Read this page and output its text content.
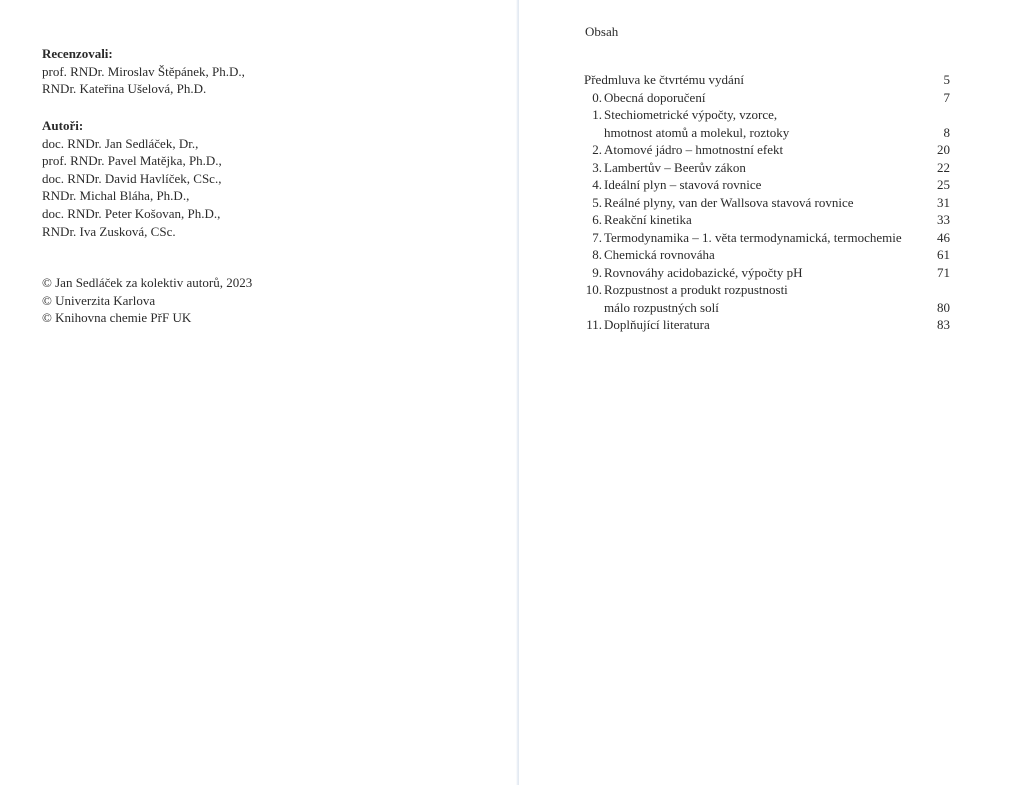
Recenzovali:
prof. RNDr. Miroslav Štěpánek, Ph.D.,
RNDr. Kateřina Ušelová, Ph.D.
Autoři:
doc. RNDr. Jan Sedláček, Dr.,
prof. RNDr. Pavel Matějka, Ph.D.,
doc. RNDr. David Havlíček, CSc.,
RNDr. Michal Bláha, Ph.D.,
doc. RNDr. Peter Košovan, Ph.D.,
RNDr. Iva Zusková, CSc.
© Jan Sedláček za kolektiv autorů, 2023
© Univerzita Karlova
© Knihovna chemie PřF UK
Obsah
Předmluva ke čtvrtému vydání	5
0. Obecná doporučení	7
1. Stechiometrické výpočty, vzorce,
hmotnost atomů a molekul, roztoky	8
2. Atomové jádro – hmotnostní efekt	20
3. Lambertův – Beerův zákon	22
4. Ideální plyn – stavová rovnice	25
5. Reálné plyny, van der Wallsova stavová rovnice	31
6. Reakční kinetika	33
7. Termodynamika – 1. věta termodynamická, termochemie	46
8. Chemická rovnováha	61
9. Rovnováhy acidobazické, výpočty pH	71
10. Rozpustnost a produkt rozpustnosti
málo rozpustných solí	80
11. Doplňující literatura	83
